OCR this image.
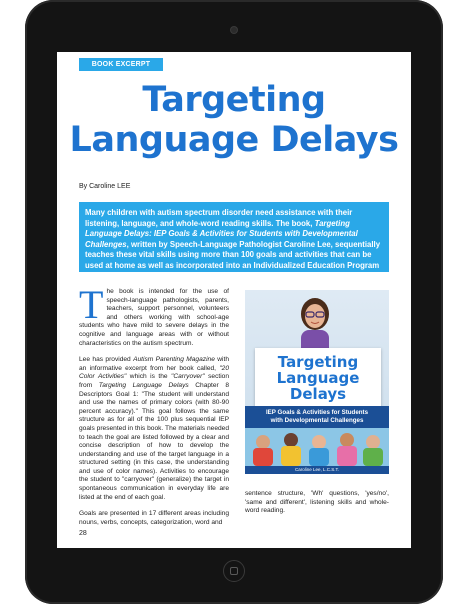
BOOK EXCERPT
Targeting
Language Delays
By Caroline LEE
Many children with autism spectrum disorder need assistance with their listening, language, and whole-word reading skills. The book, Targeting Language Delays: IEP Goals & Activities for Students with Developmental Challenges, written by Speech-Language Pathologist Caroline Lee, sequentially teaches these vital skills using more than 100 goals and activities that can be used at home as well as incorporated into an Individualized Education Program (IEP).

The book is intended for the use of speech-language pathologists, parents, teachers, support personnel, volunteers and others working with school-age students who have mild to severe delays in the cognitive and language areas with or without characteristics on the autism spectrum.

Lee has provided Autism Parenting Magazine with an informative excerpt from her book called, "20 Color Activities" which is the "Carryover" section from Targeting Language Delays Chapter 8 Descriptors Goal 1: "The student will understand and use the names of primary colors (with 80-90 percent accuracy)." This goal follows the same structure as for all of the 100 plus sequential IEP goals presented in this book. The materials needed to teach the goal are listed followed by a clear and concise description of how to develop the understanding and use of the target language in a structured setting (in this case, the understanding and use of color names). Activities to encourage the student to "carryover" (generalize) the target in spontaneous communication in everyday life are listed at the end of each goal.

Goals are presented in 17 different areas including nouns, verbs, concepts, categorization, word and

Targeting
Language
Delays
IEP Goals & Activities for Students
with Developmental Challenges
Caroline Lee, L.C.S.T.
sentence structure, 'Wh' questions, 'yes/no', 'same and different', listening skills and whole-word reading.
28
